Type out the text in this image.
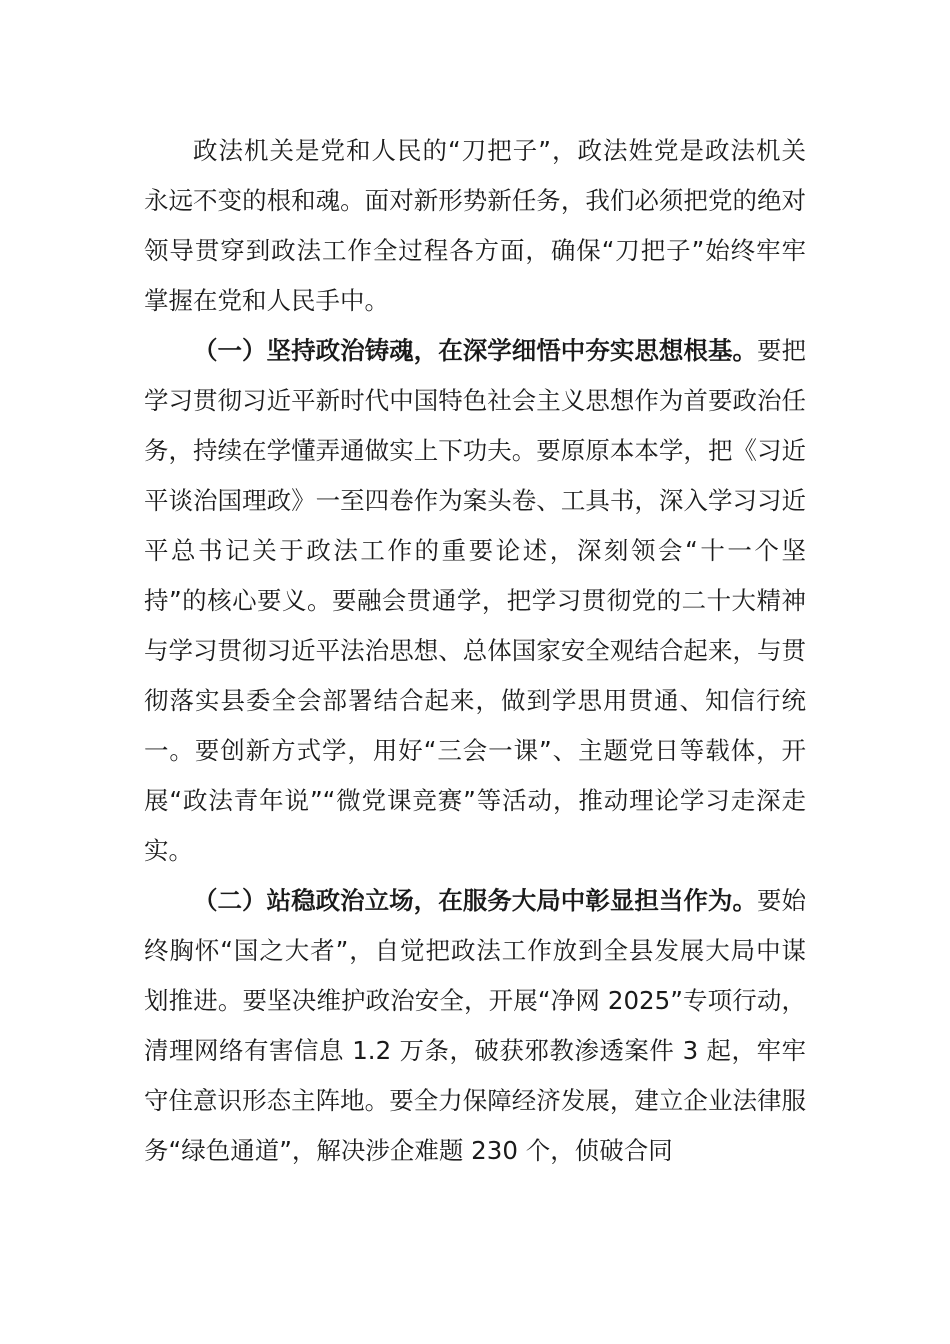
政法机关是党和人民的“刀把子”，政法姓党是政法机关永远不变的根和魂。面对新形势新任务，我们必须把党的绝对领导贯穿到政法工作全过程各方面，确保“刀把子”始终牢牢掌握在党和人民手中。

（一）坚持政治铸魂，在深学细悟中夯实思想根基。要把学习贯彻习近平新时代中国特色社会主义思想作为首要政治任务，持续在学懂弄通做实上下功夫。要原原本本学，把《习近平谈治国理政》一至四卷作为案头卷、工具书，深入学习习近平总书记关于政法工作的重要论述，深刻领会“十一个坚持”的核心要义。要融会贯通学，把学习贯彻党的二十大精神与学习贯彻习近平法治思想、总体国家安全观结合起来，与贯彻落实县委全会部署结合起来，做到学思用贯通、知信行统一。要创新方式学，用好“三会一课”、主题党日等载体，开展“政法青年说”“微党课竞赛”等活动，推动理论学习走深走实。

（二）站稳政治立场，在服务大局中彰显担当作为。要始终胸怀“国之大者”，自觉把政法工作放到全县发展大局中谋划推进。要坚决维护政治安全，开展“净网 2025”专项行动，清理网络有害信息 1.2 万条，破获邪教渗透案件 3 起，牢牢守住意识形态主阵地。要全力保障经济发展，建立企业法律服务“绿色通道”，解决涉企难题 230 个，侦破合同
